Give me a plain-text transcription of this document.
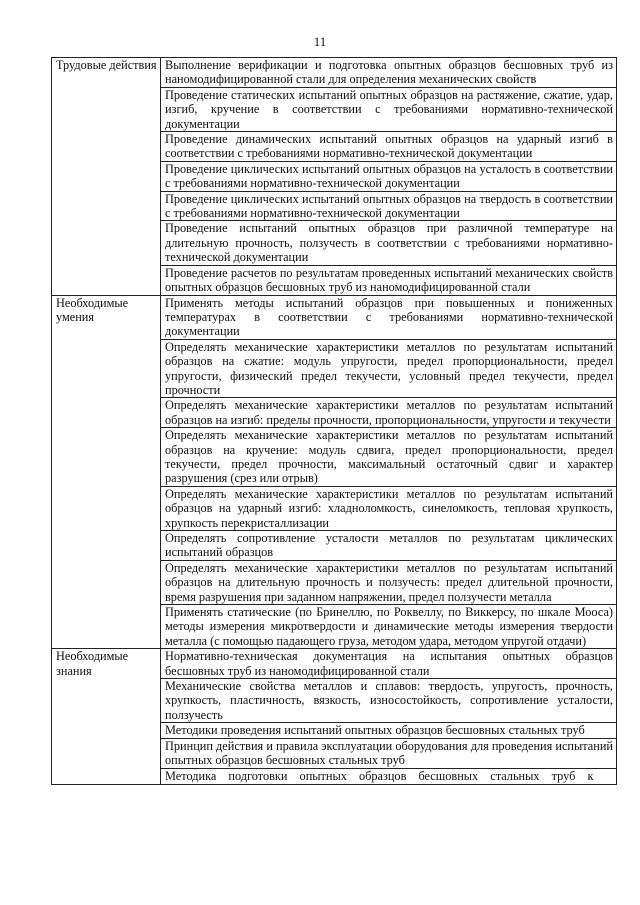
11
Трудовые действия	Выполнение верификации и подготовка опытных образцов бесшовных труб из наномодифицированной стали для определения механических свойств
	Проведение статических испытаний опытных образцов на растяжение, сжатие, удар, изгиб, кручение в соответствии с требованиями нормативно-технической документации
	Проведение динамических испытаний опытных образцов на ударный изгиб в соответствии с требованиями нормативно-технической документации
	Проведение циклических испытаний опытных образцов на усталость в соответствии с требованиями нормативно-технической документации
	Проведение циклических испытаний опытных образцов на твердость в соответствии с требованиями нормативно-технической документации
	Проведение испытаний опытных образцов при различной температуре на длительную прочность, ползучесть в соответствии с требованиями нормативно-технической документации
	Проведение расчетов по результатам проведенных испытаний механических свойств опытных образцов бесшовных труб из наномодифицированной стали
Необходимые умения	Применять методы испытаний образцов при повышенных и пониженных температурах в соответствии с требованиями нормативно-технической документации
	Определять механические характеристики металлов по результатам испытаний образцов на сжатие: модуль упругости, предел пропорциональности, предел упругости, физический предел текучести, условный предел текучести, предел прочности
	Определять механические характеристики металлов по результатам испытаний образцов на изгиб: пределы прочности, пропорциональности, упругости и текучести
	Определять механические характеристики металлов по результатам испытаний образцов на кручение: модуль сдвига, предел пропорциональности, предел текучести, предел прочности, максимальный остаточный сдвиг и характер разрушения (срез или отрыв)
	Определять механические характеристики металлов по результатам испытаний образцов на ударный изгиб: хладноломкость, синеломкость, тепловая хрупкость, хрупкость перекристаллизации
	Определять сопротивление усталости металлов по результатам циклических испытаний образцов
	Определять механические характеристики металлов по результатам испытаний образцов на длительную прочность и ползучесть: предел длительной прочности, время разрушения при заданном напряжении, предел ползучести металла
	Применять статические (по Бринеллю, по Роквеллу, по Виккерсу, по шкале Мооса) методы измерения микротвердости и динамические методы измерения твердости металла (с помощью падающего груза, методом удара, методом упругой отдачи)
Необходимые знания	Нормативно-техническая документация на испытания опытных образцов бесшовных труб из наномодифицированной стали
	Механические свойства металлов и сплавов: твердость, упругость, прочность, хрупкость, пластичность, вязкость, износостойкость, сопротивление усталости, ползучесть
	Методики проведения испытаний опытных образцов бесшовных стальных труб
	Принцип действия и правила эксплуатации оборудования для проведения испытаний опытных образцов бесшовных стальных труб

	Методика подготовки опытных образцов бесшовных стальных труб к
